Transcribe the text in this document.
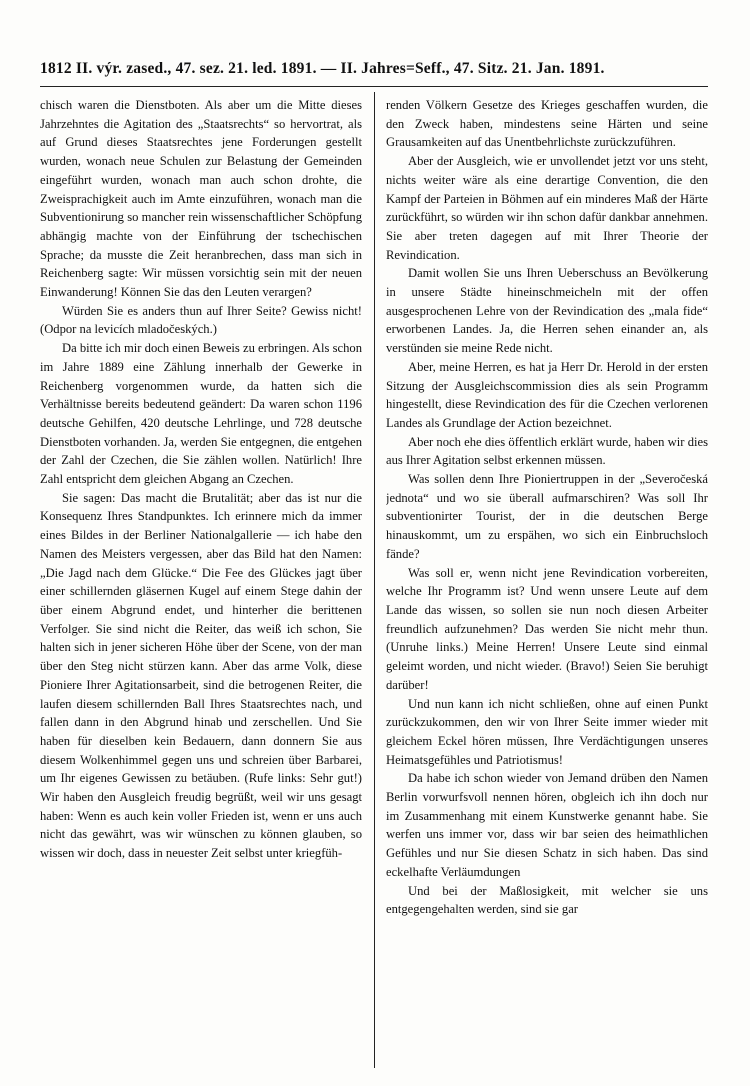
1812 II. výr. zased., 47. sez. 21. led. 1891. — II. Jahres=Seff., 47. Sitz. 21. Jan. 1891.

chisch waren die Dienstboten. Als aber um die Mitte dieses Jahrzehntes die Agitation des „Staatsrechts“ so hervortrat, als auf Grund dieses Staatsrechtes jene Forderungen gestellt wurden, wonach neue Schulen zur Belastung der Gemeinden eingeführt wurden, wonach man auch schon drohte, die Zweisprachigkeit auch im Amte einzuführen, wonach man die Subventionirung so mancher rein wissenschaftlicher Schöpfung abhängig machte von der Einführung der tschechischen Sprache; da musste die Zeit heranbrechen, dass man sich in Reichenberg sagte: Wir müssen vorsichtig sein mit der neuen Einwanderung! Können Sie das den Leuten verargen?

Würden Sie es anders thun auf Ihrer Seite? Gewiss nicht! (Odpor na levicích mladočeských.)

Da bitte ich mir doch einen Beweis zu erbringen. Als schon im Jahre 1889 eine Zählung innerhalb der Gewerke in Reichenberg vorgenommen wurde, da hatten sich die Verhältnisse bereits bedeutend geändert: Da waren schon 1196 deutsche Gehilfen, 420 deutsche Lehrlinge, und 728 deutsche Dienstboten vorhanden. Ja, werden Sie entgegnen, die entgehen der Zahl der Czechen, die Sie zählen wollen. Natürlich! Ihre Zahl entspricht dem gleichen Abgang an Czechen.

Sie sagen: Das macht die Brutalität; aber das ist nur die Konsequenz Ihres Standpunktes. Ich erinnere mich da immer eines Bildes in der Berliner Nationalgallerie — ich habe den Namen des Meisters vergessen, aber das Bild hat den Namen: „Die Jagd nach dem Glücke.“ Die Fee des Glückes jagt über einer schillernden gläsernen Kugel auf einem Stege dahin der über einem Abgrund endet, und hinterher die berittenen Verfolger. Sie sind nicht die Reiter, das weiß ich schon, Sie halten sich in jener sicheren Höhe über der Scene, von der man über den Steg nicht stürzen kann. Aber das arme Volk, diese Pioniere Ihrer Agitationsarbeit, sind die betrogenen Reiter, die laufen diesem schillernden Ball Ihres Staatsrechtes nach, und fallen dann in den Abgrund hinab und zerschellen. Und Sie haben für dieselben kein Bedauern, dann donnern Sie aus diesem Wolkenhimmel gegen uns und schreien über Barbarei, um Ihr eigenes Gewissen zu betäuben. (Rufe links: Sehr gut!) Wir haben den Ausgleich freudig begrüßt, weil wir uns gesagt haben: Wenn es auch kein voller Frieden ist, wenn er uns auch nicht das gewährt, was wir wünschen zu können glauben, so wissen wir doch, dass in neuester Zeit selbst unter kriegfüh-

renden Völkern Gesetze des Krieges geschaffen wurden, die den Zweck haben, mindestens seine Härten und seine Grausamkeiten auf das Unentbehrlichste zurückzuführen.

Aber der Ausgleich, wie er unvollendet jetzt vor uns steht, nichts weiter wäre als eine derartige Convention, die den Kampf der Parteien in Böhmen auf ein minderes Maß der Härte zurückführt, so würden wir ihn schon dafür dankbar annehmen. Sie aber treten dagegen auf mit Ihrer Theorie der Revindication.

Damit wollen Sie uns Ihren Ueberschuss an Bevölkerung in unsere Städte hineinschmeicheln mit der offen ausgesprochenen Lehre von der Revindication des „mala fide“ erworbenen Landes. Ja, die Herren sehen einander an, als verstünden sie meine Rede nicht.

Aber, meine Herren, es hat ja Herr Dr. Herold in der ersten Sitzung der Ausgleichscommission dies als sein Programm hingestellt, diese Revindication des für die Czechen verlorenen Landes als Grundlage der Action bezeichnet.

Aber noch ehe dies öffentlich erklärt wurde, haben wir dies aus Ihrer Agitation selbst erkennen müssen.

Was sollen denn Ihre Pioniertruppen in der „Severočeská jednota“ und wo sie überall aufmarschiren? Was soll Ihr subventionirter Tourist, der in die deutschen Berge hinauskommt, um zu erspähen, wo sich ein Einbruchsloch fände?

Was soll er, wenn nicht jene Revindication vorbereiten, welche Ihr Programm ist? Und wenn unsere Leute auf dem Lande das wissen, so sollen sie nun noch diesen Arbeiter freundlich aufzunehmen? Das werden Sie nicht mehr thun. (Unruhe links.) Meine Herren! Unsere Leute sind einmal geleimt worden, und nicht wieder. (Bravo!) Seien Sie beruhigt darüber!

Und nun kann ich nicht schließen, ohne auf einen Punkt zurückzukommen, den wir von Ihrer Seite immer wieder mit gleichem Eckel hören müssen, Ihre Verdächtigungen unseres Heimatsgefühles und Patriotismus!

Da habe ich schon wieder von Jemand drüben den Namen Berlin vorwurfsvoll nennen hören, obgleich ich ihn doch nur im Zusammenhang mit einem Kunstwerke genannt habe. Sie werfen uns immer vor, dass wir bar seien des heimathlichen Gefühles und nur Sie diesen Schatz in sich haben. Das sind eckelhafte Verläumdungen

Und bei der Maßlosigkeit, mit welcher sie uns entgegengehalten werden, sind sie gar
